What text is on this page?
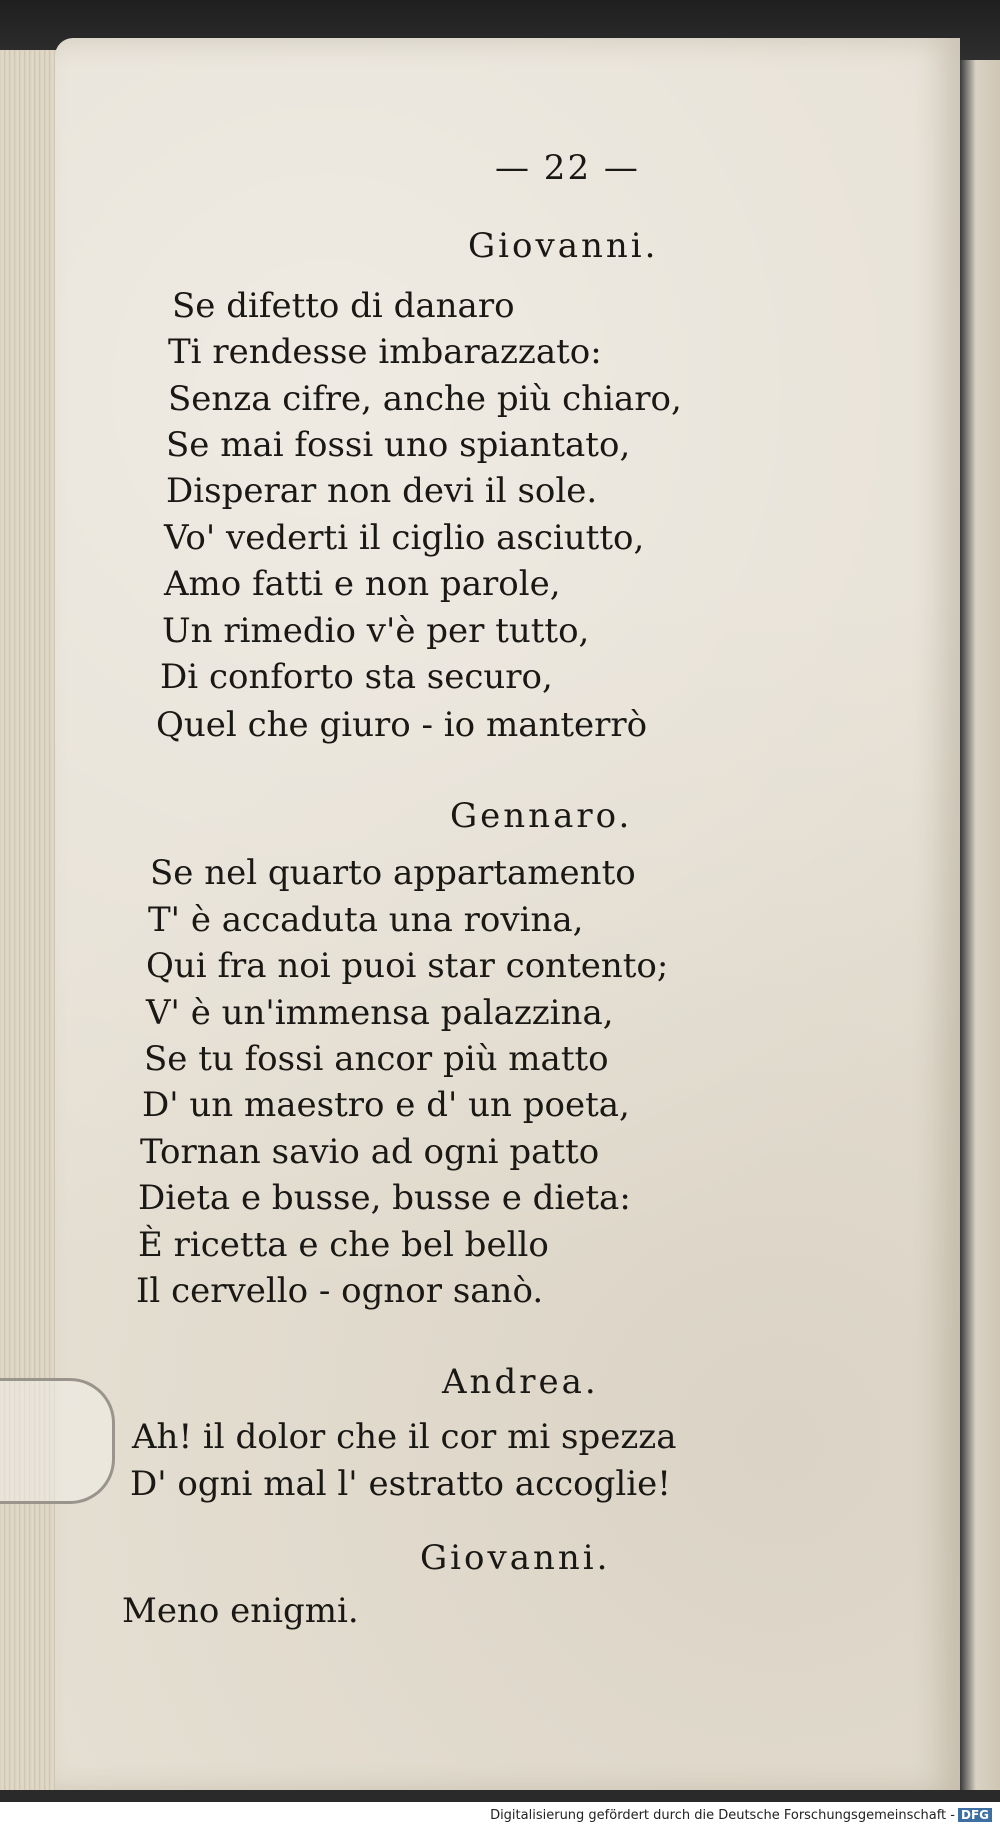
— 22 —
Giovanni.
Se difetto di danaro
Ti rendesse imbarazzato:
Senza cifre, anche più chiaro,
Se mai fossi uno spiantato,
Disperar non devi il sole.
Vo' vederti il ciglio asciutto,
Amo fatti e non parole,
Un rimedio v'è per tutto,
Di conforto sta securo,
Quel che giuro - io manterrò
Gennaro.
Se nel quarto appartamento
T' è accaduta una rovina,
Qui fra noi puoi star contento;
V' è un'immensa palazzina,
Se tu fossi ancor più matto
D' un maestro e d' un poeta,
Tornan savio ad ogni patto
Dieta e busse, busse e dieta:
È ricetta e che bel bello
Il cervello - ognor sanò.
Andrea.
Ah! il dolor che il cor mi spezza
D' ogni mal l' estratto accoglie!
Giovanni.
Meno enigmi.
Digitalisierung gefördert durch die Deutsche Forschungsgemeinschaft - DFG
